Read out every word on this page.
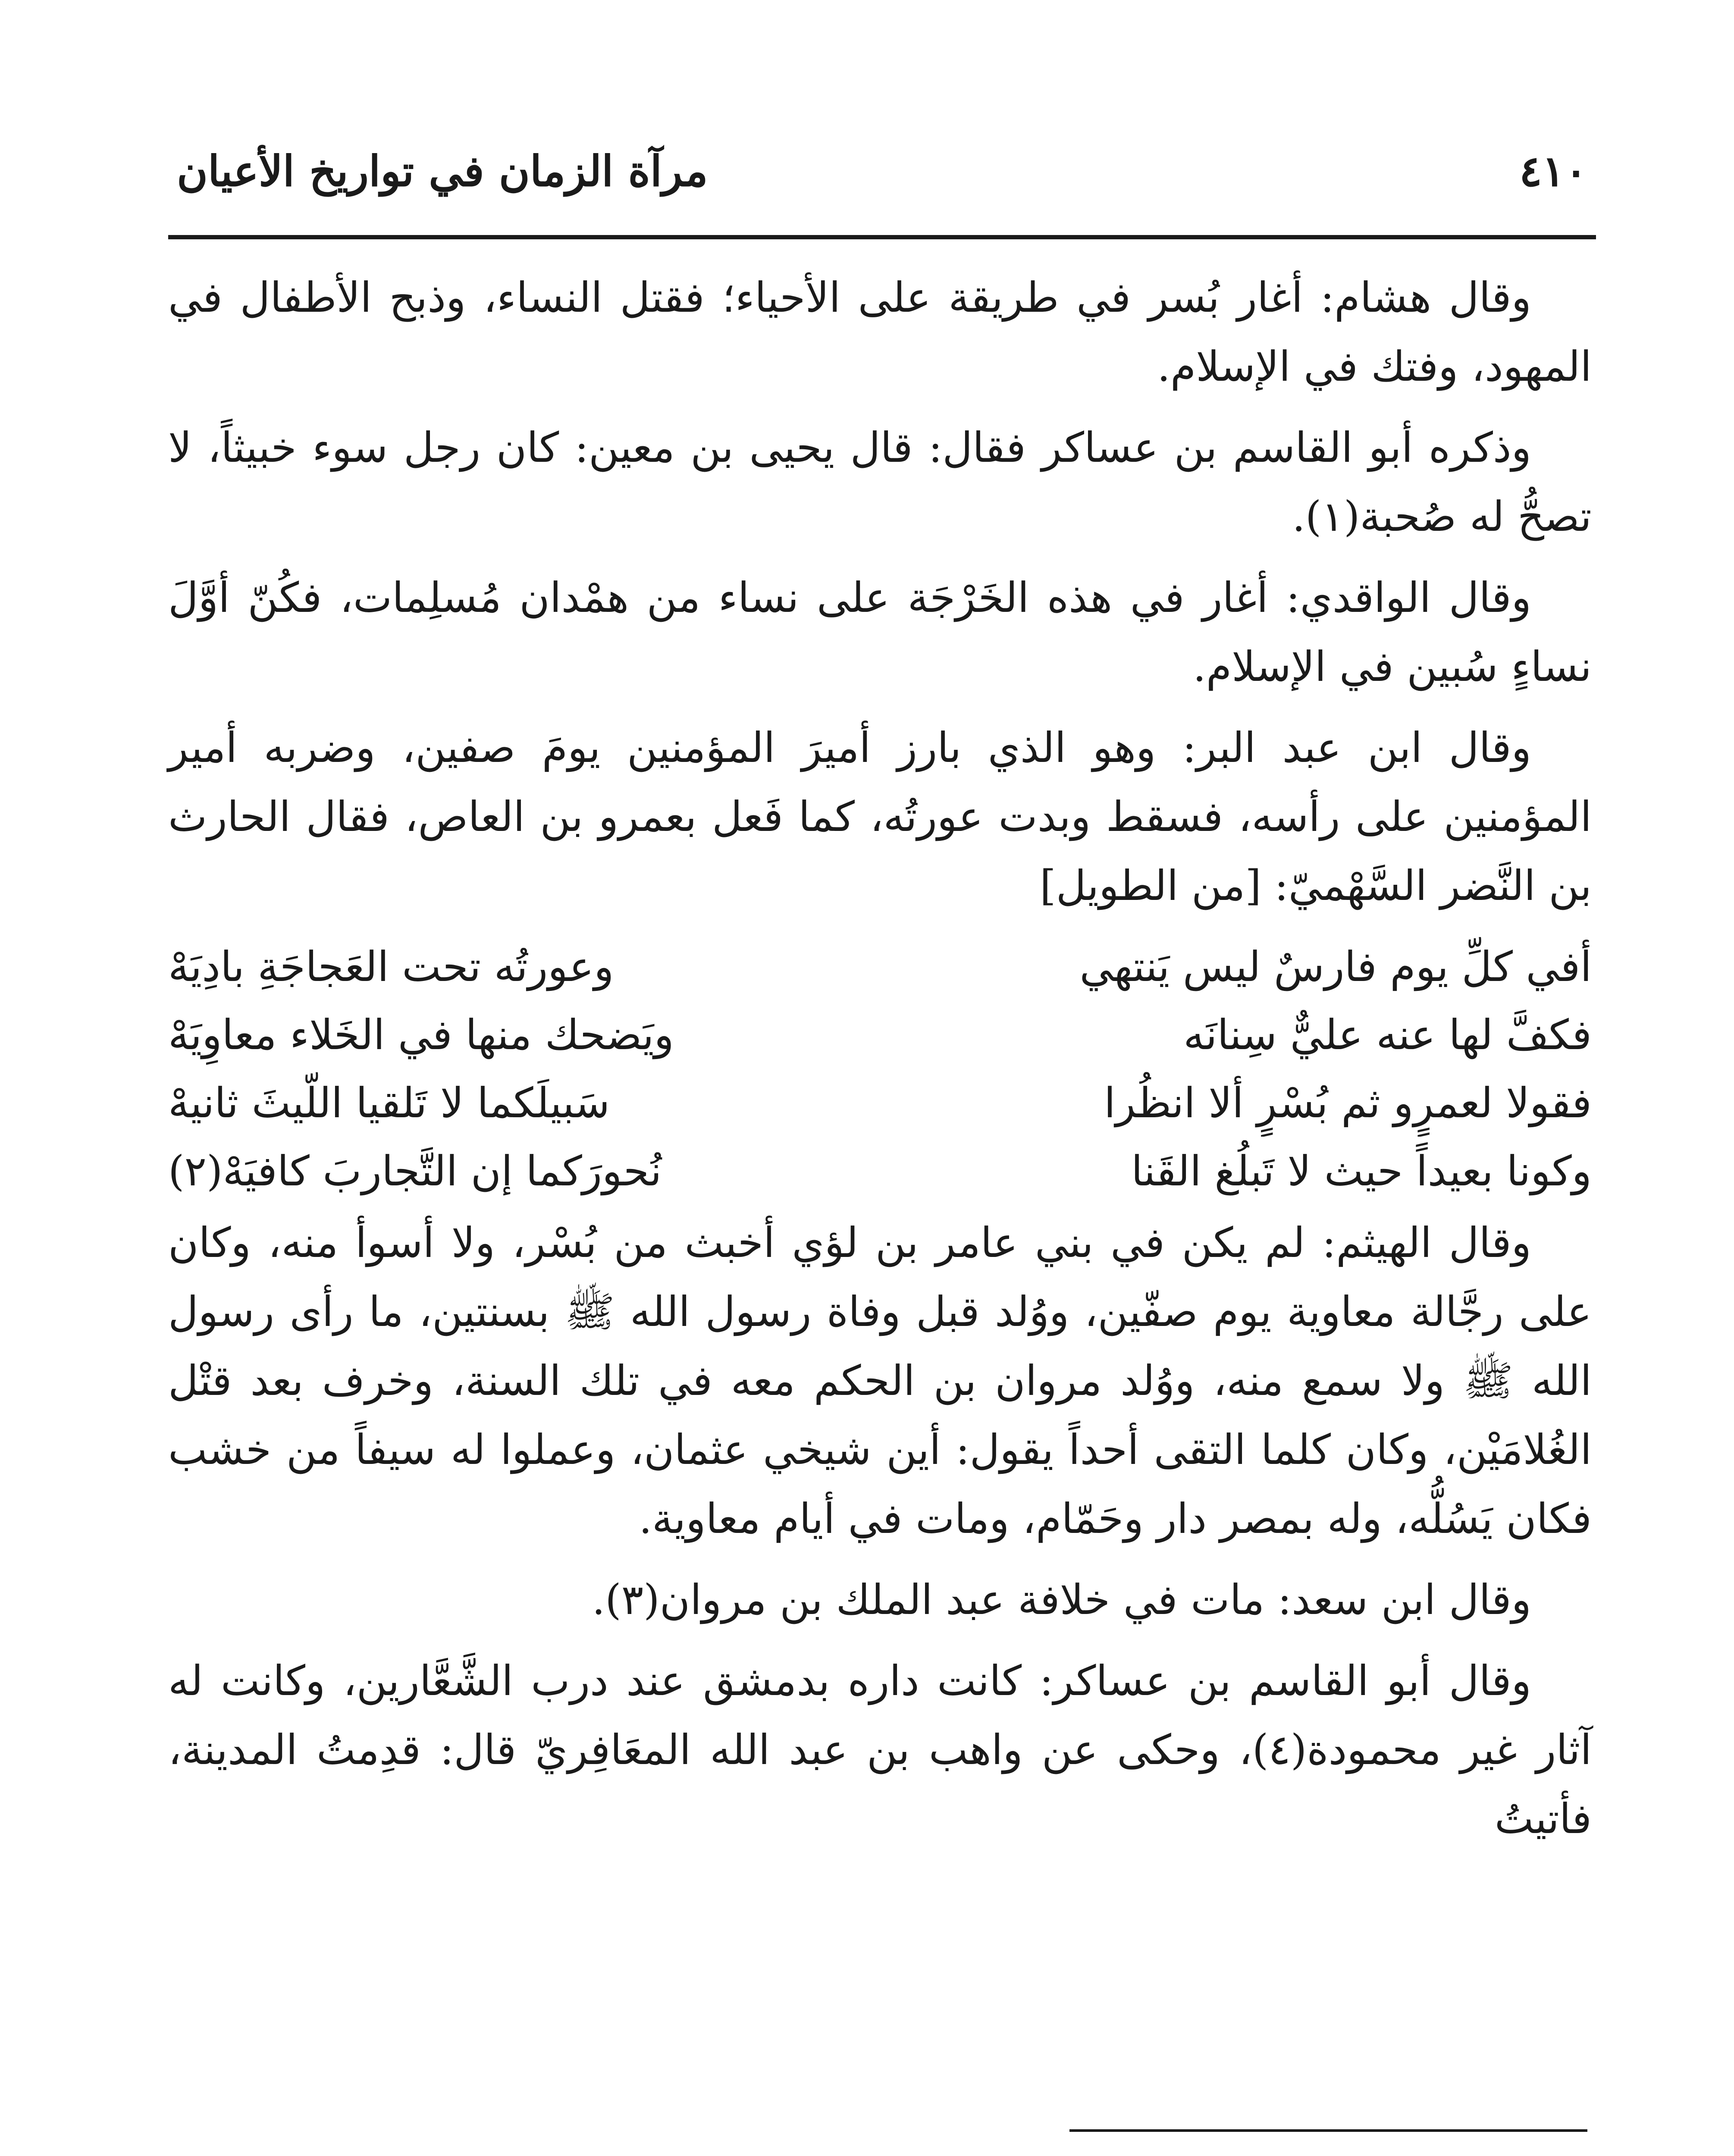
مرآة الزمان في تواريخ الأعيان	٤١٠

وقال هشام: أغار بُسر في طريقة على الأحياء؛ فقتل النساء، وذبح الأطفال في المهود، وفتك في الإسلام.

وذكره أبو القاسم بن عساكر فقال: قال يحيى بن معين: كان رجل سوء خبيثاً، لا تصحُّ له صُحبة(١).

وقال الواقدي: أغار في هذه الخَرْجَة على نساء من همْدان مُسلِمات، فكُنّ أوَّلَ نساءٍ سُبين في الإسلام.

وقال ابن عبد البر: وهو الذي بارز أميرَ المؤمنين يومَ صفين، وضربه أمير المؤمنين على رأسه، فسقط وبدت عورتُه، كما فَعل بعمرو بن العاص، فقال الحارث بن النَّضر السَّهْميّ: [من الطويل]

أفي كلِّ يوم فارسٌ ليس يَنتهي
وعورتُه تحت العَجاجَةِ بادِيَهْ
فكفَّ لها عنه عليٌّ سِنانَه
ويَضحك منها في الخَلاء معاوِيَهْ
فقولا لعمرٍو ثم بُسْرٍ ألا انظُرا
سَبيلَكما لا تَلقيا اللّيثَ ثانيهْ
وكونا بعيداً حيث لا تَبلُغ القَنا
نُحورَكما إن التَّجاربَ كافيَهْ(٢)

وقال الهيثم: لم يكن في بني عامر بن لؤي أخبث من بُسْر، ولا أسوأ منه، وكان على رجَّالة معاوية يوم صفّين، ووُلد قبل وفاة رسول الله ﷺ بسنتين، ما رأى رسول الله ﷺ ولا سمع منه، ووُلد مروان بن الحكم معه في تلك السنة، وخرف بعد قتْل الغُلامَيْن، وكان كلما التقى أحداً يقول: أين شيخي عثمان، وعملوا له سيفاً من خشب فكان يَسُلُّه، وله بمصر دار وحَمّام، ومات في أيام معاوية.

وقال ابن سعد: مات في خلافة عبد الملك بن مروان(٣).

وقال أبو القاسم بن عساكر: كانت داره بدمشق عند درب الشَّعَّارين، وكانت له آثار غير محمودة(٤)، وحكى عن واهب بن عبد الله المعَافِريّ قال: قدِمتُ المدينة، فأتيتُ
